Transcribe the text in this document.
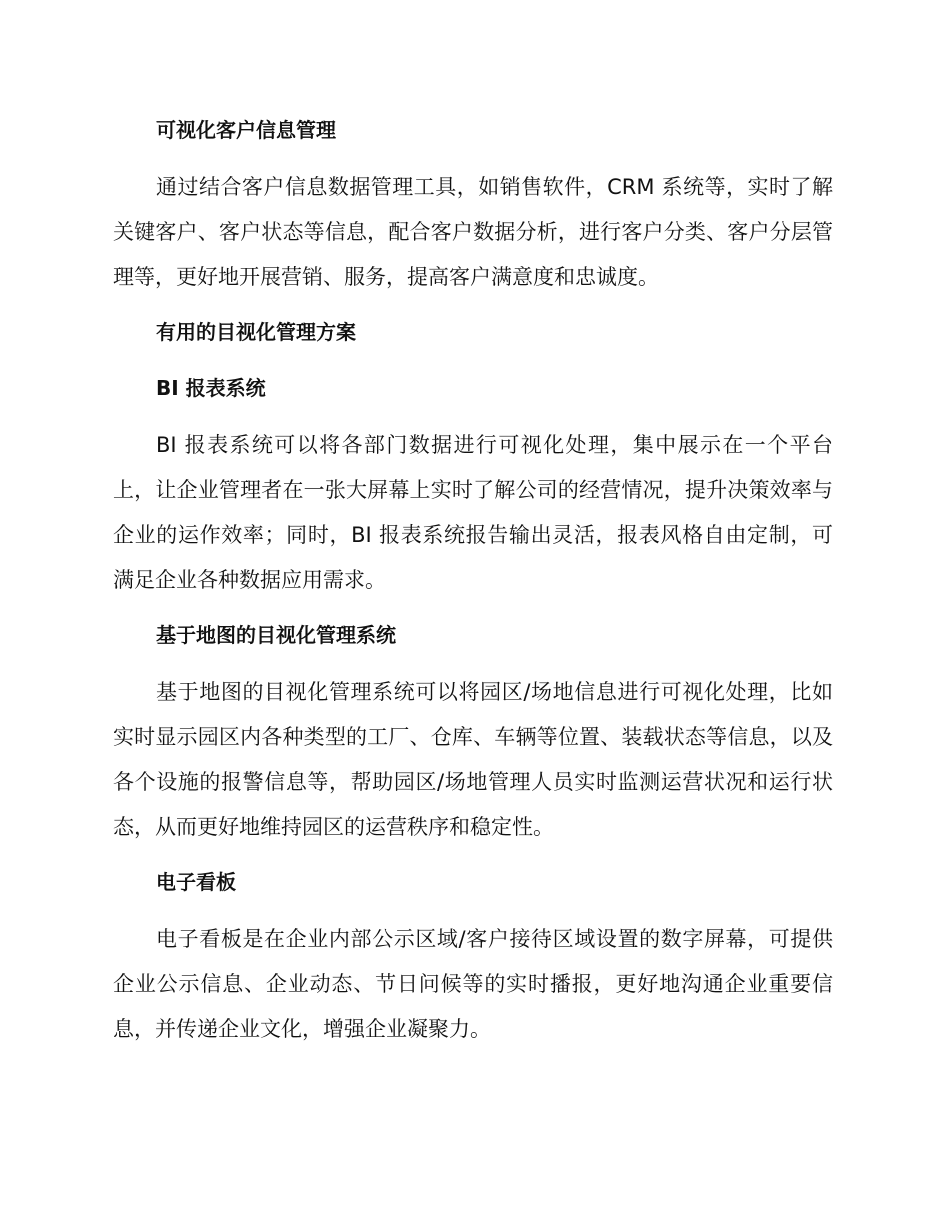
可视化客户信息管理

通过结合客户信息数据管理工具，如销售软件，CRM 系统等，实时了解关键客户、客户状态等信息，配合客户数据分析，进行客户分类、客户分层管理等，更好地开展营销、服务，提高客户满意度和忠诚度。

有用的目视化管理方案
BI 报表系统

BI 报表系统可以将各部门数据进行可视化处理，集中展示在一个平台上，让企业管理者在一张大屏幕上实时了解公司的经营情况，提升决策效率与企业的运作效率；同时，BI 报表系统报告输出灵活，报表风格自由定制，可满足企业各种数据应用需求。

基于地图的目视化管理系统

基于地图的目视化管理系统可以将园区/场地信息进行可视化处理，比如实时显示园区内各种类型的工厂、仓库、车辆等位置、装载状态等信息，以及各个设施的报警信息等，帮助园区/场地管理人员实时监测运营状况和运行状态，从而更好地维持园区的运营秩序和稳定性。

电子看板

电子看板是在企业内部公示区域/客户接待区域设置的数字屏幕，可提供企业公示信息、企业动态、节日问候等的实时播报，更好地沟通企业重要信息，并传递企业文化，增强企业凝聚力。
